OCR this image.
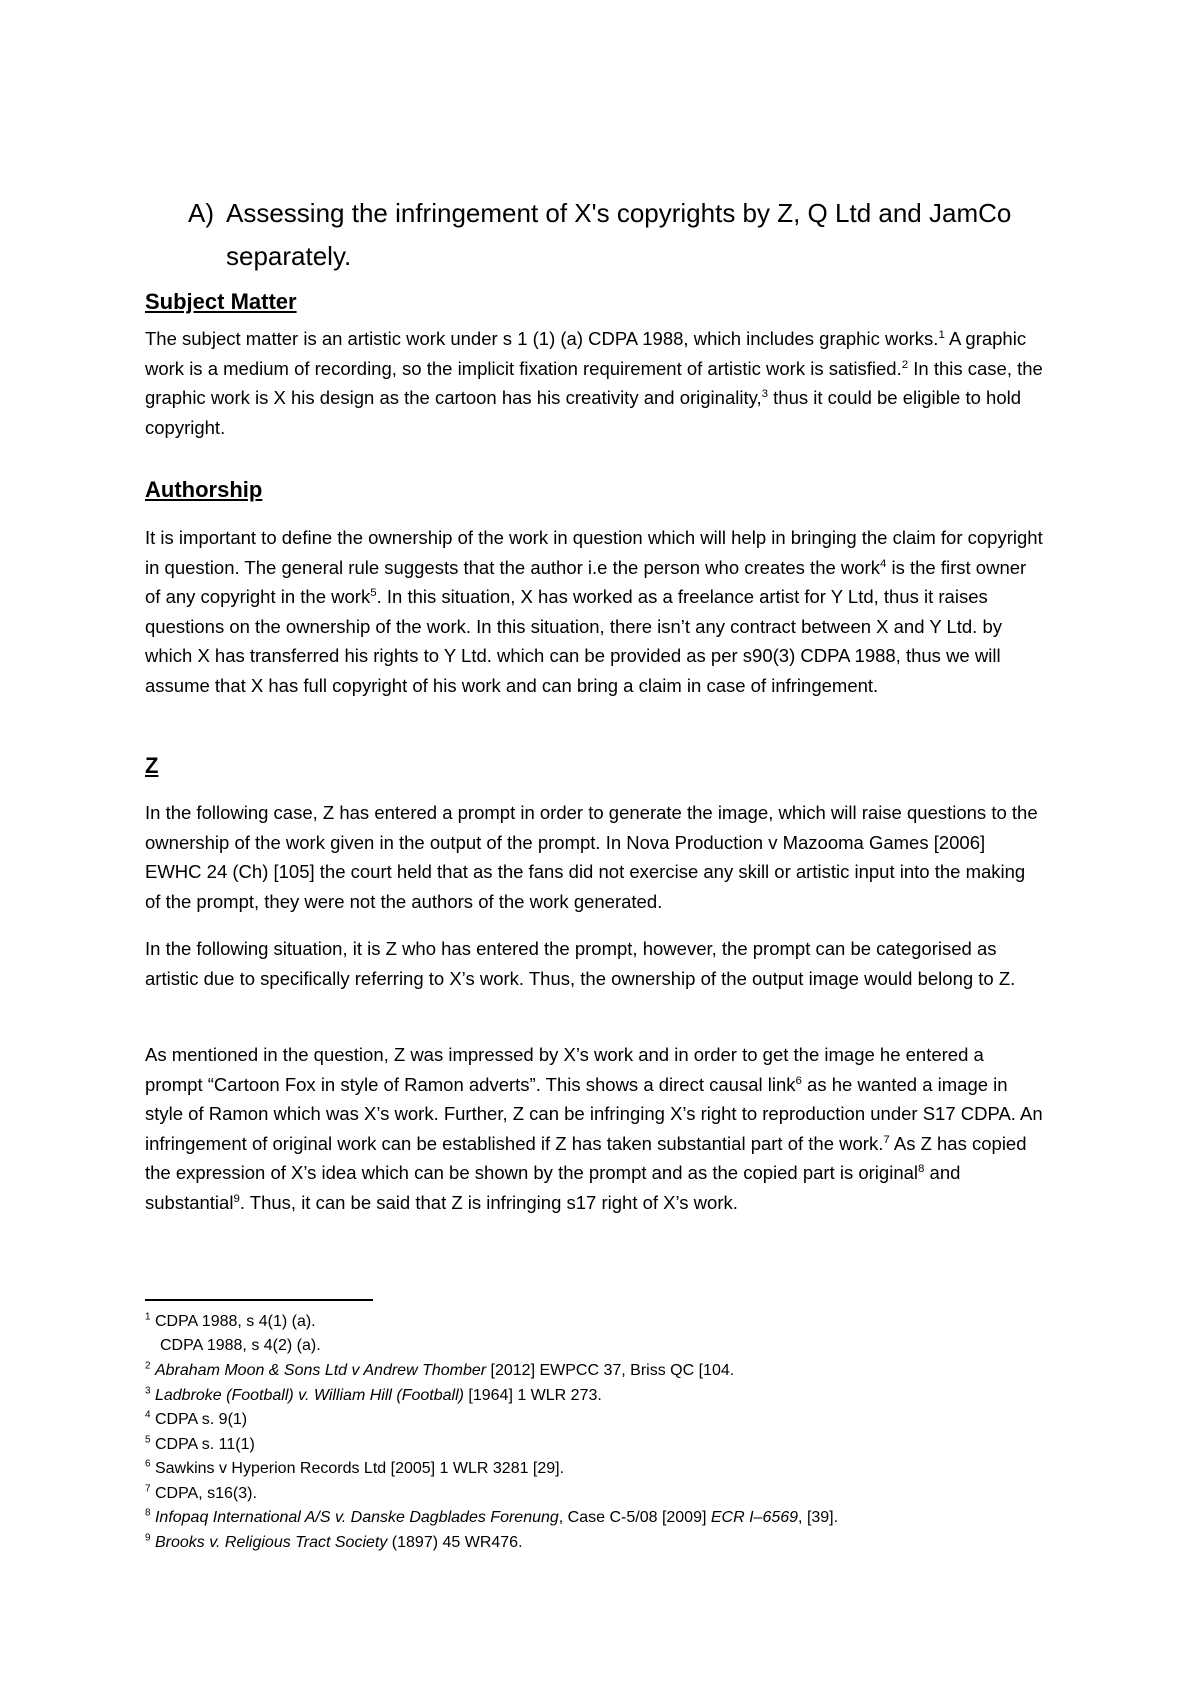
A) Assessing the infringement of X's copyrights by Z, Q Ltd and JamCo
separately.
Subject Matter

The subject matter is an artistic work under s 1 (1) (a) CDPA 1988, which includes graphic works.$^1$ A graphic work is a medium of recording, so the implicit fixation requirement of artistic work is satisfied.$^2$ In this case, the graphic work is X his design as the cartoon has his creativity and originality,$^3$ thus it could be eligible to hold copyright.

Authorship

It is important to define the ownership of the work in question which will help in bringing the claim for copyright in question. The general rule suggests that the author i.e the person who creates the work$^4$ is the first owner of any copyright in the work$^5$. In this situation, X has worked as a freelance artist for Y Ltd, thus it raises questions on the ownership of the work. In this situation, there isn’t any contract between X and Y Ltd. by which X has transferred his rights to Y Ltd. which can be provided as per s90(3) CDPA 1988, thus we will assume that X has full copyright of his work and can bring a claim in case of infringement.

Z

In the following case, Z has entered a prompt in order to generate the image, which will raise questions to the ownership of the work given in the output of the prompt. In Nova Production v Mazooma Games [2006] EWHC 24 (Ch) [105] the court held that as the fans did not exercise any skill or artistic input into the making of the prompt, they were not the authors of the work generated.

In the following situation, it is Z who has entered the prompt, however, the prompt can be categorised as artistic due to specifically referring to X’s work. Thus, the ownership of the output image would belong to Z.

As mentioned in the question, Z was impressed by X’s work and in order to get the image he entered a prompt “Cartoon Fox in style of Ramon adverts”. This shows a direct causal link$^6$ as he wanted a image in style of Ramon which was X’s work. Further, Z can be infringing X’s right to reproduction under S17 CDPA. An infringement of original work can be established if Z has taken substantial part of the work.$^7$ As Z has copied the expression of X’s idea which can be shown by the prompt and as the copied part is original$^8$ and substantial$^9$. Thus, it can be said that Z is infringing s17 right of X’s work.

$^1$ CDPA 1988, s 4(1) (a).
CDPA 1988, s 4(2) (a).
$^2$ Abraham Moon & Sons Ltd v Andrew Thomber [2012] EWPCC 37, Briss QC [104.
$^3$ Ladbroke (Football) v. William Hill (Football) [1964] 1 WLR 273.
$^4$ CDPA s. 9(1)
$^5$ CDPA s. 11(1)
$^6$ Sawkins v Hyperion Records Ltd [2005] 1 WLR 3281 [29].
$^7$ CDPA, s16(3).
$^8$ Infopaq International A/S v. Danske Dagblades Forenung, Case C-5/08 [2009] ECR I–6569, [39].
$^9$ Brooks v. Religious Tract Society (1897) 45 WR476.
